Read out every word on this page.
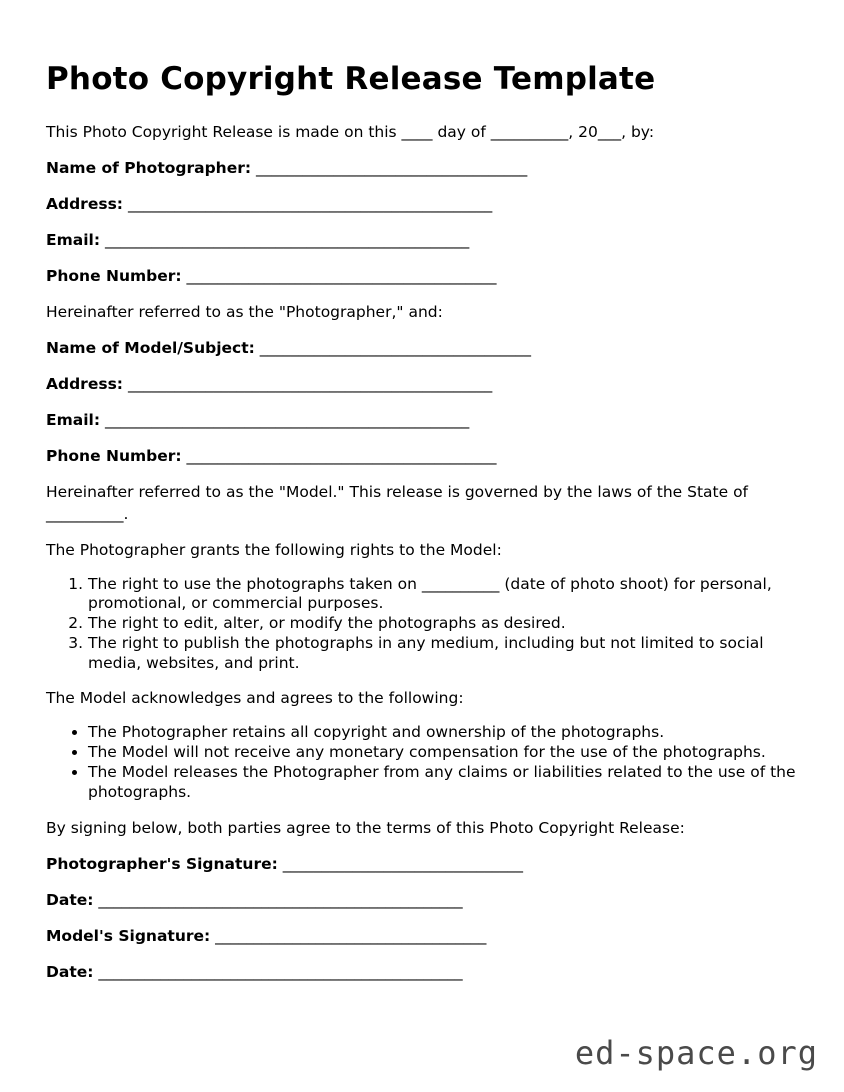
Photo Copyright Release Template

This Photo Copyright Release is made on this ____ day of __________, 20___, by:

Name of Photographer: ___________________________________
Address: _______________________________________________
Email: _______________________________________________
Phone Number: ________________________________________

Hereinafter referred to as the "Photographer," and:

Name of Model/Subject: ___________________________________
Address: _______________________________________________
Email: _______________________________________________
Phone Number: ________________________________________

Hereinafter referred to as the "Model." This release is governed by the laws of the State of __________.

The Photographer grants the following rights to the Model:

1. The right to use the photographs taken on __________ (date of photo shoot) for personal, promotional, or commercial purposes.
2. The right to edit, alter, or modify the photographs as desired.
3. The right to publish the photographs in any medium, including but not limited to social media, websites, and print.

The Model acknowledges and agrees to the following:

• The Photographer retains all copyright and ownership of the photographs.
• The Model will not receive any monetary compensation for the use of the photographs.
• The Model releases the Photographer from any claims or liabilities related to the use of the photographs.

By signing below, both parties agree to the terms of this Photo Copyright Release:

Photographer's Signature: _______________________________
Date: _______________________________________________
Model's Signature: ___________________________________
Date: _______________________________________________
ed-space.org
